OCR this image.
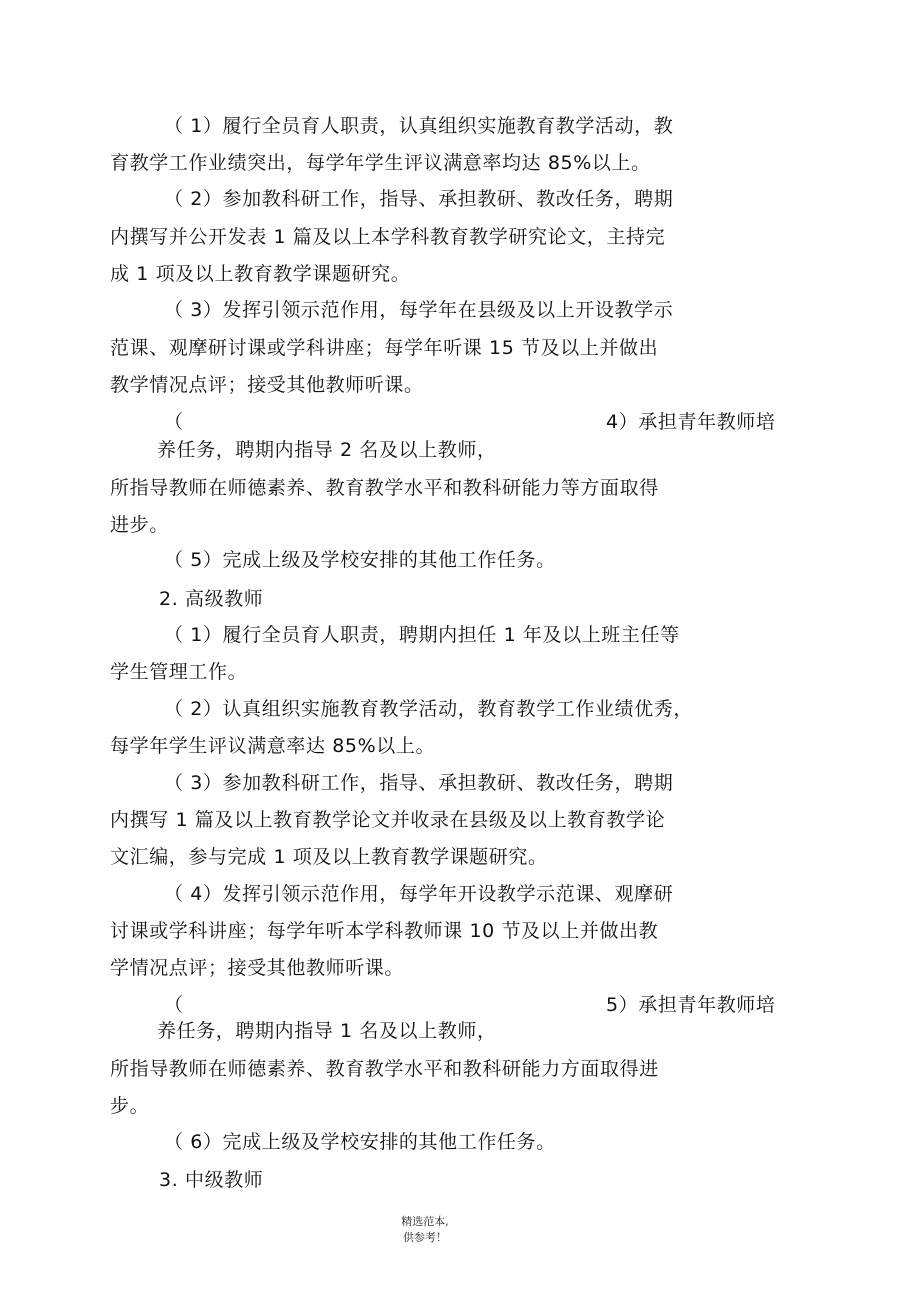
（ 1）履行全员育人职责，认真组织实施教育教学活动，教
育教学工作业绩突出，每学年学生评议满意率均达 85%以上。
（ 2）参加教科研工作，指导、承担教研、教改任务，聘期
内撰写并公开发表 1 篇及以上本学科教育教学研究论文，主持完
成 1 项及以上教育教学课题研究。
（ 3）发挥引领示范作用，每学年在县级及以上开设教学示
范课、观摩研讨课或学科讲座；每学年听课 15 节及以上并做出
教学情况点评；接受其他教师听课。
（	4）承担青年教师培
养任务，聘期内指导 2 名及以上教师，
所指导教师在师德素养、教育教学水平和教科研能力等方面取得
进步。
（ 5）完成上级及学校安排的其他工作任务。
2. 高级教师
（ 1）履行全员育人职责，聘期内担任 1 年及以上班主任等
学生管理工作。
（ 2）认真组织实施教育教学活动，教育教学工作业绩优秀，
每学年学生评议满意率达 85%以上。
（ 3）参加教科研工作，指导、承担教研、教改任务，聘期
内撰写 1 篇及以上教育教学论文并收录在县级及以上教育教学论
文汇编，参与完成 1 项及以上教育教学课题研究。
（ 4）发挥引领示范作用，每学年开设教学示范课、观摩研
讨课或学科讲座；每学年听本学科教师课 10 节及以上并做出教
学情况点评；接受其他教师听课。
（	5）承担青年教师培
养任务，聘期内指导 1 名及以上教师，
所指导教师在师德素养、教育教学水平和教科研能力方面取得进
步。
（ 6）完成上级及学校安排的其他工作任务。
3. 中级教师
精选范本,
供参考！
